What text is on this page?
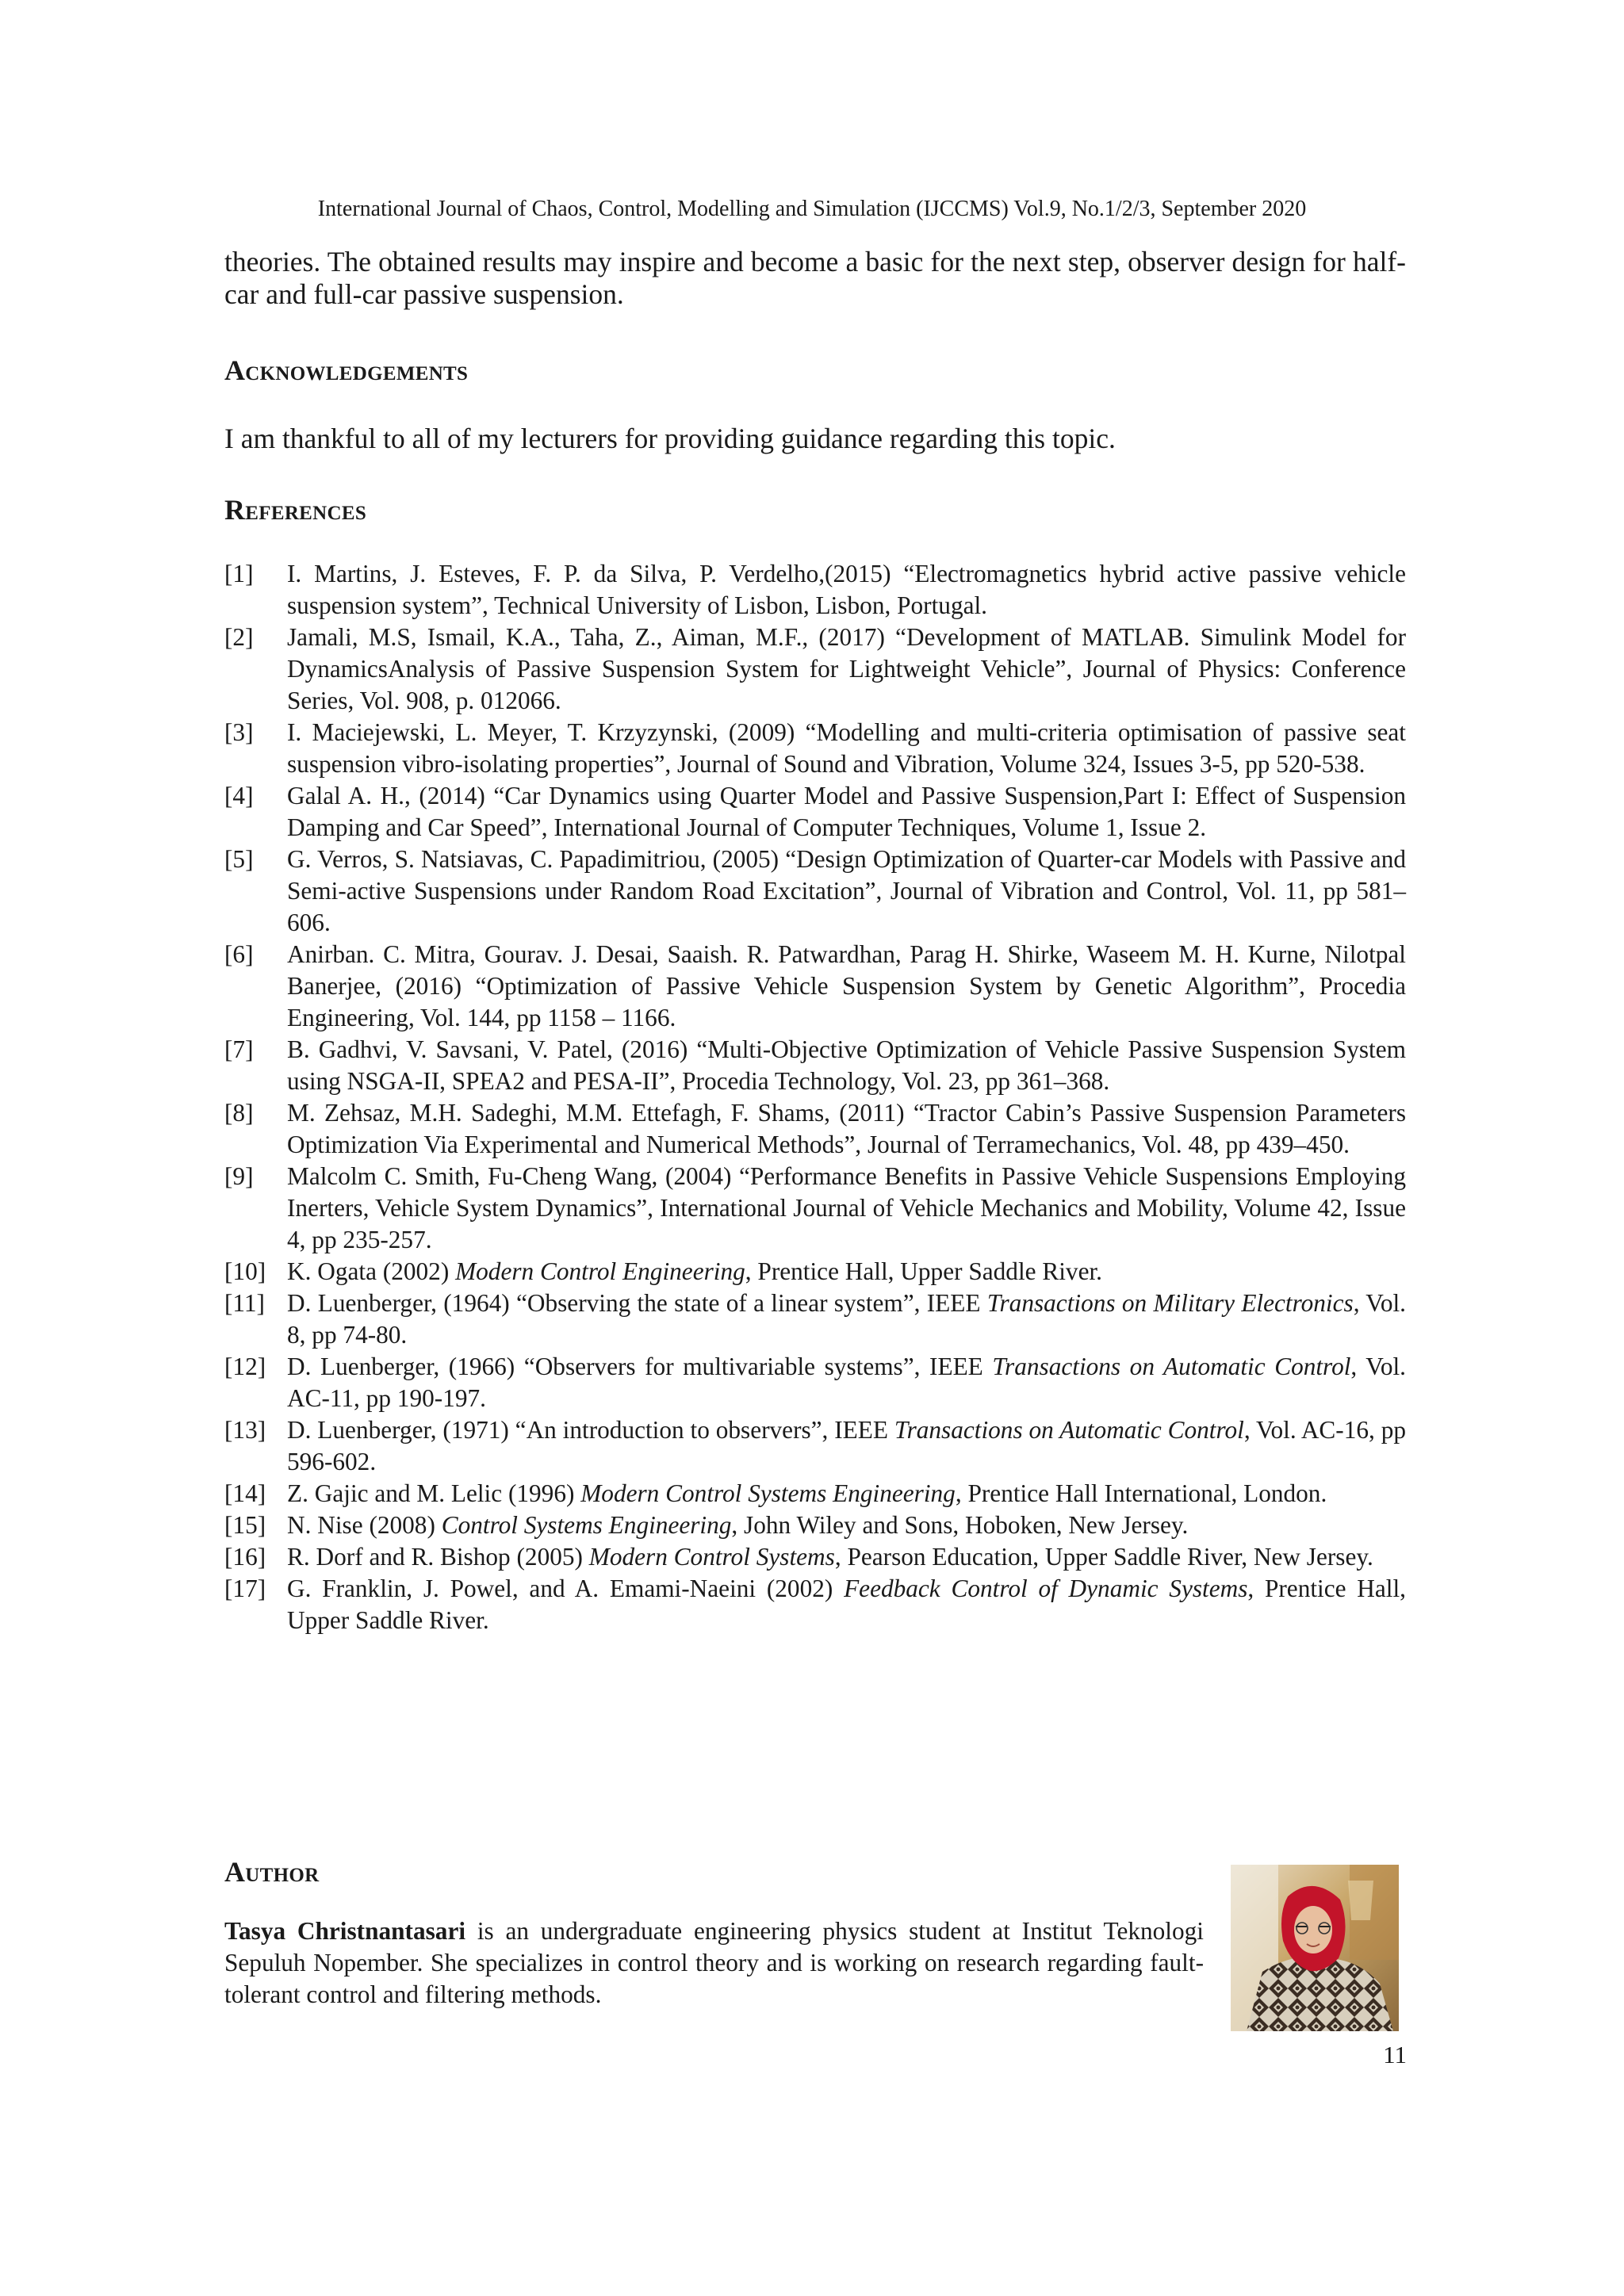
International Journal of Chaos, Control, Modelling and Simulation (IJCCMS) Vol.9, No.1/2/3, September 2020

theories. The obtained results may inspire and become a basic for the next step, observer design for half-car and full-car passive suspension.

Acknowledgements

I am thankful to all of my lecturers for providing guidance regarding this topic.

References
[1]	I. Martins, J. Esteves, F. P. da Silva, P. Verdelho,(2015) “Electromagnetics hybrid active passive vehicle suspension system”, Technical University of Lisbon, Lisbon, Portugal.
[2]	Jamali, M.S, Ismail, K.A., Taha, Z., Aiman, M.F., (2017) “Development of MATLAB. Simulink Model for DynamicsAnalysis of Passive Suspension System for Lightweight Vehicle”, Journal of Physics: Conference Series, Vol. 908, p. 012066.
[3]	I. Maciejewski, L. Meyer, T. Krzyzynski, (2009) “Modelling and multi-criteria optimisation of passive seat suspension vibro-isolating properties”, Journal of Sound and Vibration, Volume 324, Issues 3-5, pp 520-538.
[4]	Galal A. H., (2014) “Car Dynamics using Quarter Model and Passive Suspension,Part I: Effect of Suspension Damping and Car Speed”, International Journal of Computer Techniques, Volume 1, Issue 2.
[5]	G. Verros, S. Natsiavas, C. Papadimitriou, (2005) “Design Optimization of Quarter-car Models with Passive and Semi-active Suspensions under Random Road Excitation”, Journal of Vibration and Control, Vol. 11, pp 581–606.
[6]	Anirban. C. Mitra, Gourav. J. Desai, Saaish. R. Patwardhan, Parag H. Shirke, Waseem M. H. Kurne, Nilotpal Banerjee, (2016) “Optimization of Passive Vehicle Suspension System by Genetic Algorithm”, Procedia Engineering, Vol. 144, pp 1158 – 1166.
[7]	B. Gadhvi, V. Savsani, V. Patel, (2016) “Multi-Objective Optimization of Vehicle Passive Suspension System using NSGA-II, SPEA2 and PESA-II”, Procedia Technology, Vol. 23, pp 361–368.
[8]	M. Zehsaz, M.H. Sadeghi, M.M. Ettefagh, F. Shams, (2011) “Tractor Cabin’s Passive Suspension Parameters Optimization Via Experimental and Numerical Methods”, Journal of Terramechanics, Vol. 48, pp 439–450.
[9]	Malcolm C. Smith, Fu-Cheng Wang, (2004) “Performance Benefits in Passive Vehicle Suspensions Employing Inerters, Vehicle System Dynamics”, International Journal of Vehicle Mechanics and Mobility, Volume 42, Issue 4, pp 235-257.
[10] K. Ogata (2002) Modern Control Engineering, Prentice Hall, Upper Saddle River.
[11] D. Luenberger, (1964) “Observing the state of a linear system”, IEEE Transactions on Military Electronics, Vol. 8, pp 74-80.
[12] D. Luenberger, (1966) “Observers for multivariable systems”, IEEE Transactions on Automatic Control, Vol. AC-11, pp 190-197.
[13] D. Luenberger, (1971) “An introduction to observers”, IEEE Transactions on Automatic Control, Vol. AC-16, pp 596-602.
[14] Z. Gajic and M. Lelic (1996) Modern Control Systems Engineering, Prentice Hall International, London.
[15] N. Nise (2008) Control Systems Engineering, John Wiley and Sons, Hoboken, New Jersey.
[16] R. Dorf and R. Bishop (2005) Modern Control Systems, Pearson Education, Upper Saddle River, New Jersey.
[17] G. Franklin, J. Powel, and A. Emami-Naeini (2002) Feedback Control of Dynamic Systems, Prentice Hall, Upper Saddle River.
Author

Tasya Christnantasari is an undergraduate engineering physics student at Institut Teknologi Sepuluh Nopember. She specializes in control theory and is working on research regarding fault-tolerant control and filtering methods.

11
